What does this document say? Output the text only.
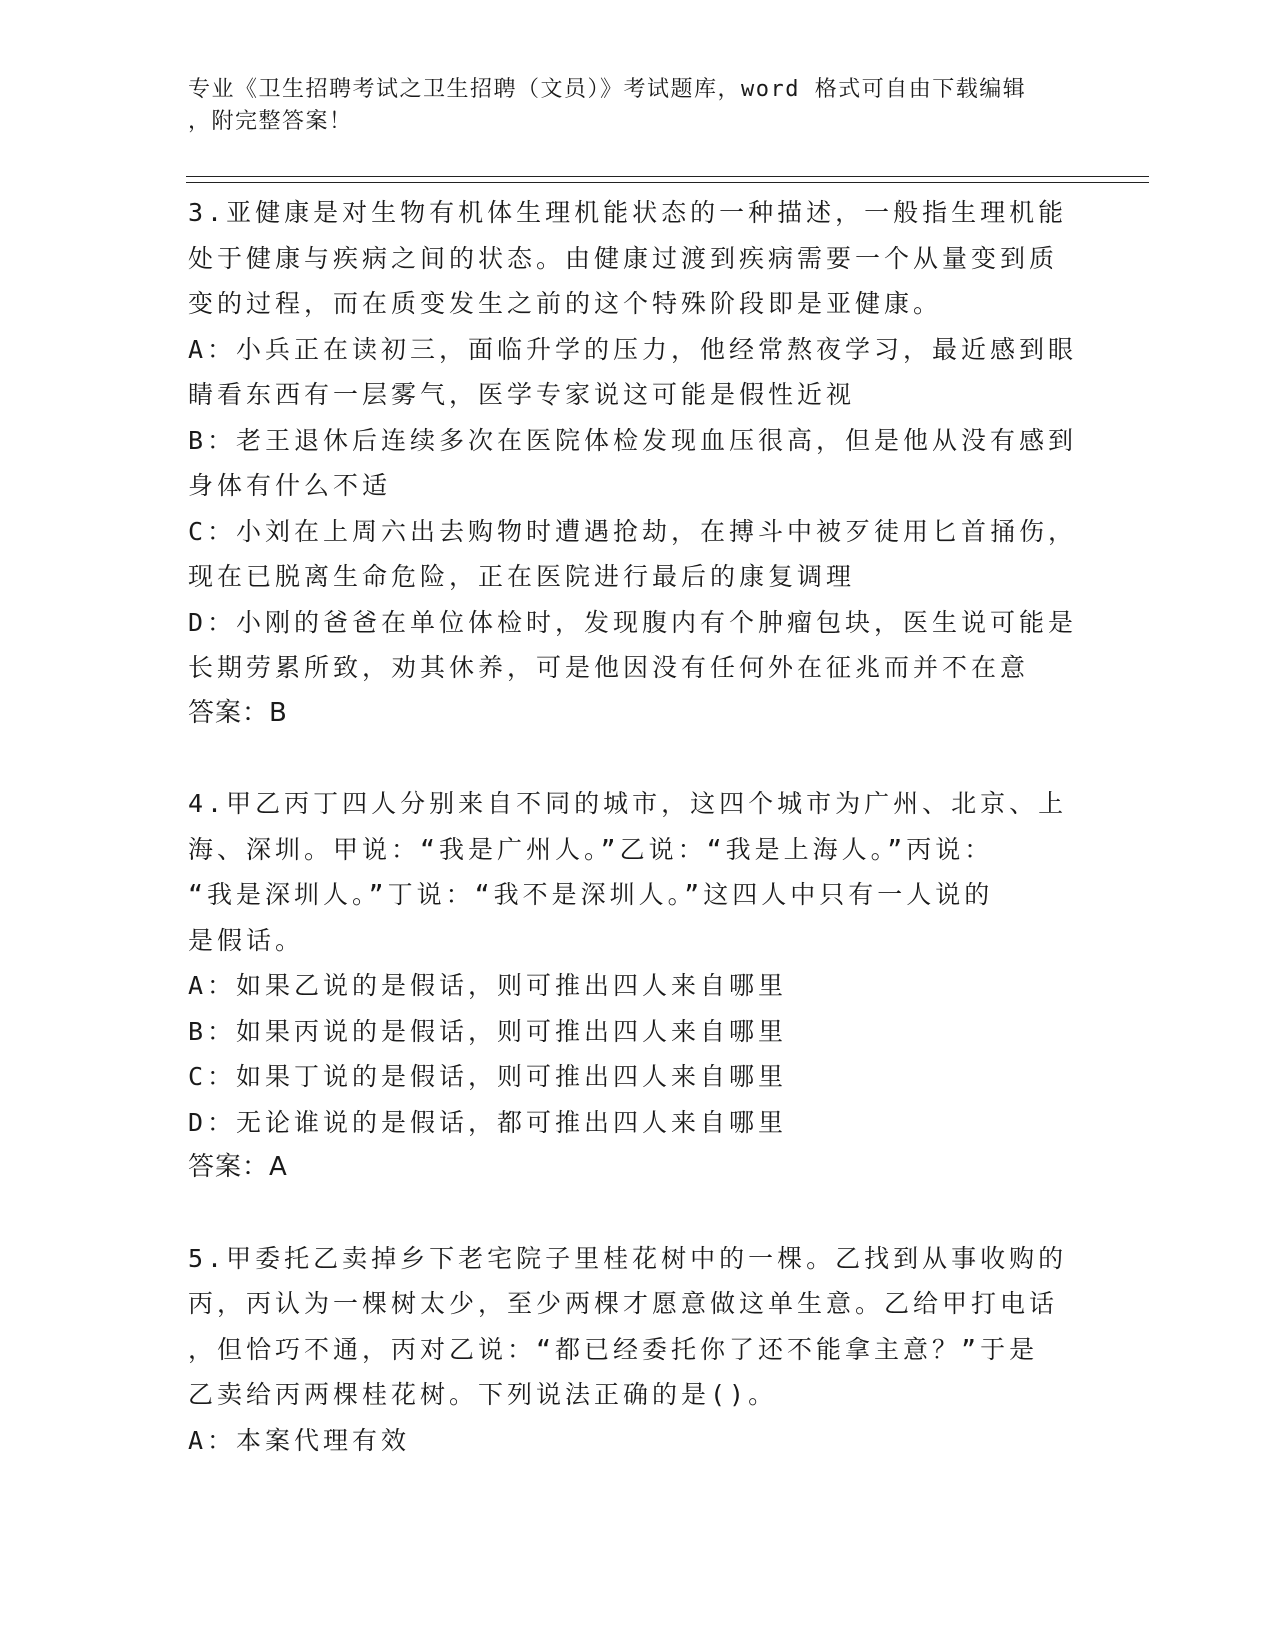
专业《卫生招聘考试之卫生招聘（文员）》考试题库，word 格式可自由下载编辑
，附完整答案！
3.亚健康是对生物有机体生理机能状态的一种描述，一般指生理机能
处于健康与疾病之间的状态。由健康过渡到疾病需要一个从量变到质
变的过程，而在质变发生之前的这个特殊阶段即是亚健康。
A：小兵正在读初三，面临升学的压力，他经常熬夜学习，最近感到眼
睛看东西有一层雾气，医学专家说这可能是假性近视
B：老王退休后连续多次在医院体检发现血压很高，但是他从没有感到
身体有什么不适
C：小刘在上周六出去购物时遭遇抢劫，在搏斗中被歹徒用匕首捅伤，
现在已脱离生命危险，正在医院进行最后的康复调理
D：小刚的爸爸在单位体检时，发现腹内有个肿瘤包块，医生说可能是
长期劳累所致，劝其休养，可是他因没有任何外在征兆而并不在意
答案：B
4.甲乙丙丁四人分别来自不同的城市，这四个城市为广州、北京、上
海、深圳。甲说：“我是广州人。”乙说：“我是上海人。”丙说：
“我是深圳人。”丁说：“我不是深圳人。”这四人中只有一人说的
是假话。
A：如果乙说的是假话，则可推出四人来自哪里
B：如果丙说的是假话，则可推出四人来自哪里
C：如果丁说的是假话，则可推出四人来自哪里
D：无论谁说的是假话，都可推出四人来自哪里
答案：A
5.甲委托乙卖掉乡下老宅院子里桂花树中的一棵。乙找到从事收购的
丙，丙认为一棵树太少，至少两棵才愿意做这单生意。乙给甲打电话
，但恰巧不通，丙对乙说：“都已经委托你了还不能拿主意？”于是
乙卖给丙两棵桂花树。下列说法正确的是()。
A：本案代理有效
